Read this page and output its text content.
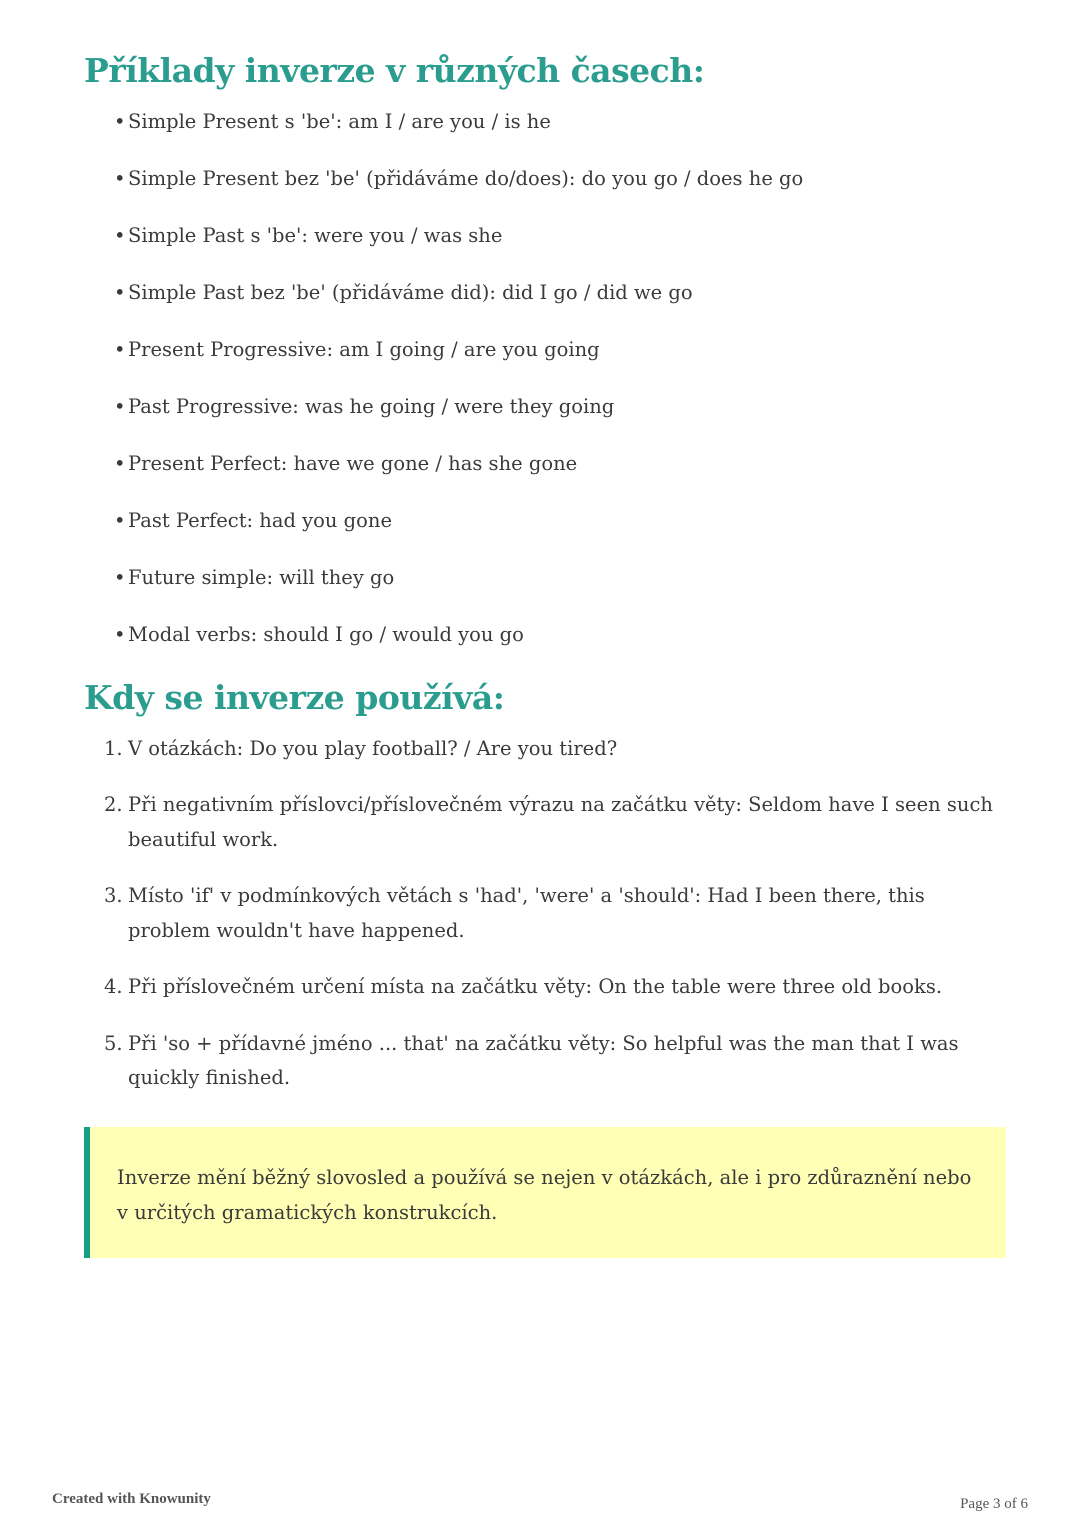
Příklady inverze v různých časech:
• Simple Present s 'be': am I / are you / is he
• Simple Present bez 'be' (přidáváme do/does): do you go / does he go
• Simple Past s 'be': were you / was she
• Simple Past bez 'be' (přidáváme did): did I go / did we go
• Present Progressive: am I going / are you going
• Past Progressive: was he going / were they going
• Present Perfect: have we gone / has she gone
• Past Perfect: had you gone
• Future simple: will they go
• Modal verbs: should I go / would you go
Kdy se inverze používá:
1. V otázkách: Do you play football? / Are you tired?
2. Při negativním příslovci/příslovečném výrazu na začátku věty: Seldom have I seen such beautiful work.
3. Místo 'if' v podmínkových větách s 'had', 'were' a 'should': Had I been there, this problem wouldn't have happened.
4. Při příslovečném určení místa na začátku věty: On the table were three old books.
5. Při 'so + přídavné jméno ... that' na začátku věty: So helpful was the man that I was quickly finished.
Inverze mění běžný slovosled a používá se nejen v otázkách, ale i pro zdůraznění nebo v určitých gramatických konstrukcích.
Created with Knowunity	Page 3 of 6
